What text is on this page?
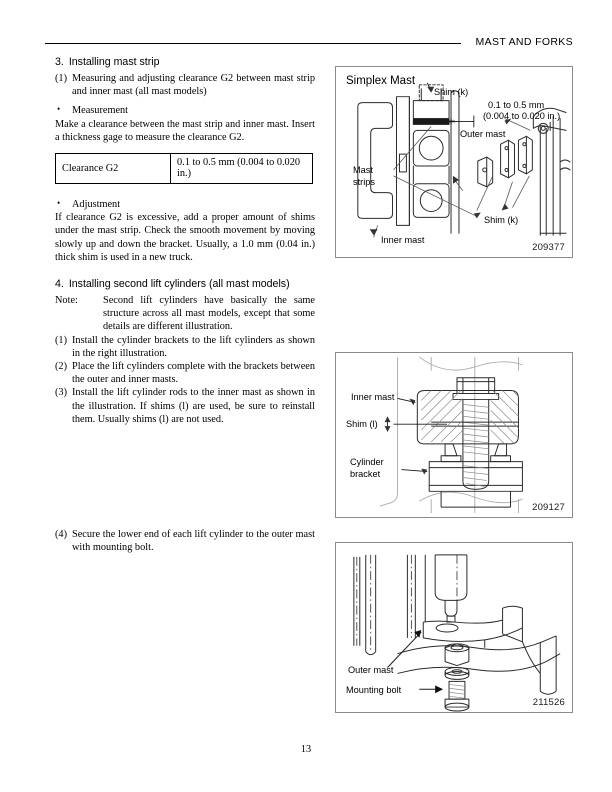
MAST AND FORKS
3. Installing mast strip
(1) Measuring and adjusting clearance G2 between mast strip and inner mast (all mast models)
• Measurement
Make a clearance between the mast strip and inner mast. Insert a thickness gage to measure the clearance G2.
Clearance G2	0.1 to 0.5 mm (0.004 to 0.020 in.)
• Adjustment
If clearance G2 is excessive, add a proper amount of shims under the mast strip. Check the smooth movement by moving slowly up and down the bracket. Usually, a 1.0 mm (0.04 in.) thick shim is used in a new truck.
4. Installing second lift cylinders (all mast models)
Note: Second lift cylinders have basically the same structure across all mast models, except that some details are different illustration.
(1) Install the cylinder brackets to the lift cylinders as shown in the right illustration.
(2) Place the lift cylinders complete with the brackets between the outer and inner masts.
(3) Install the lift cylinder rods to the inner mast as shown in the illustration. If shims (l) are used, be sure to reinstall them. Usually shims (l) are not used.
(4) Secure the lower end of each lift cylinder to the outer mast with mounting bolt.
Simplex Mast
Shim (k)
0.1 to 0.5 mm
(0.004 to 0.020 in.)
Outer mast
Mast
strips
Inner mast
Shim (k)
209377
Inner mast
Shim (l)
Cylinder
bracket
209127
Outer mast
Mounting bolt
211526
13
